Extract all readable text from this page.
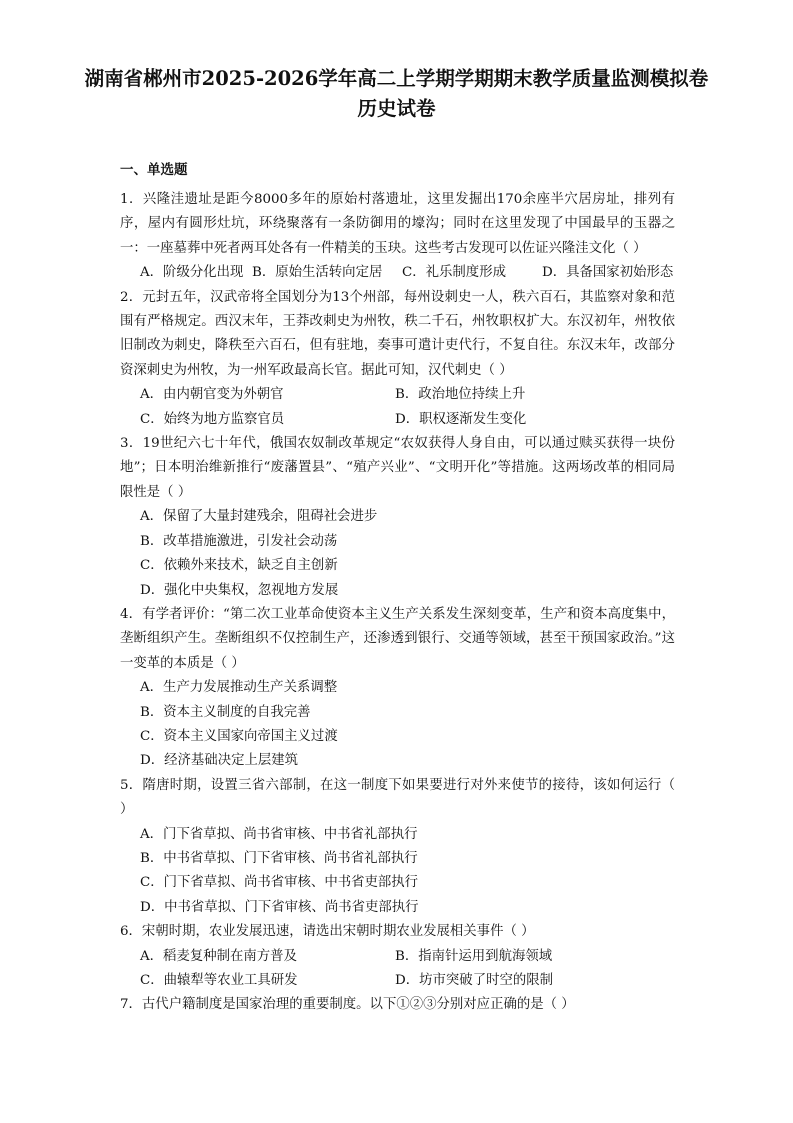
湖南省郴州市2025-2026学年高二上学期学期期末教学质量监测模拟卷历史试卷
一、单选题

1．兴隆洼遗址是距今8000多年的原始村落遗址，这里发掘出170余座半穴居房址，排列有序，屋内有圆形灶坑，环绕聚落有一条防御用的壕沟；同时在这里发现了中国最早的玉器之一：一座墓葬中死者两耳处各有一件精美的玉玦。这些考古发现可以佐证兴隆洼文化（ ）

A．阶级分化出现 B．原始生活转向定居	C．礼乐制度形成	D．具备国家初始形态

2．元封五年，汉武帝将全国划分为13个州部，每州设刺史一人，秩六百石，其监察对象和范围有严格规定。西汉末年，王莽改刺史为州牧，秩二千石，州牧职权扩大。东汉初年，州牧依旧制改为刺史，降秩至六百石，但有驻地，奏事可遣计吏代行，不复自往。东汉末年，改部分资深刺史为州牧，为一州军政最高长官。据此可知，汉代刺史（ ）

A．由内朝官变为外朝官	B．政治地位持续上升
C．始终为地方监察官员	D．职权逐渐发生变化

3．19世纪六七十年代，俄国农奴制改革规定“农奴获得人身自由，可以通过赎买获得一块份地”；日本明治维新推行“废藩置县”、“殖产兴业”、“文明开化”等措施。这两场改革的相同局限性是（ ）

A．保留了大量封建残余，阻碍社会进步

B．改革措施激进，引发社会动荡

C．依赖外来技术，缺乏自主创新

D．强化中央集权，忽视地方发展

4．有学者评价：“第二次工业革命使资本主义生产关系发生深刻变革，生产和资本高度集中，垄断组织产生。垄断组织不仅控制生产，还渗透到银行、交通等领域，甚至干预国家政治。”这一变革的本质是（ ）

A．生产力发展推动生产关系调整

B．资本主义制度的自我完善

C．资本主义国家向帝国主义过渡

D．经济基础决定上层建筑

5．隋唐时期，设置三省六部制，在这一制度下如果要进行对外来使节的接待，该如何运行（ ）

A．门下省草拟、尚书省审核、中书省礼部执行

B．中书省草拟、门下省审核、尚书省礼部执行

C．门下省草拟、尚书省审核、中书省吏部执行

D．中书省草拟、门下省审核、尚书省吏部执行

6．宋朝时期，农业发展迅速，请选出宋朝时期农业发展相关事件（ ）

A．稻麦复种制在南方普及	B．指南针运用到航海领域
C．曲辕犁等农业工具研发	D．坊市突破了时空的限制

7．古代户籍制度是国家治理的重要制度。以下①②③分别对应正确的是（ ）
